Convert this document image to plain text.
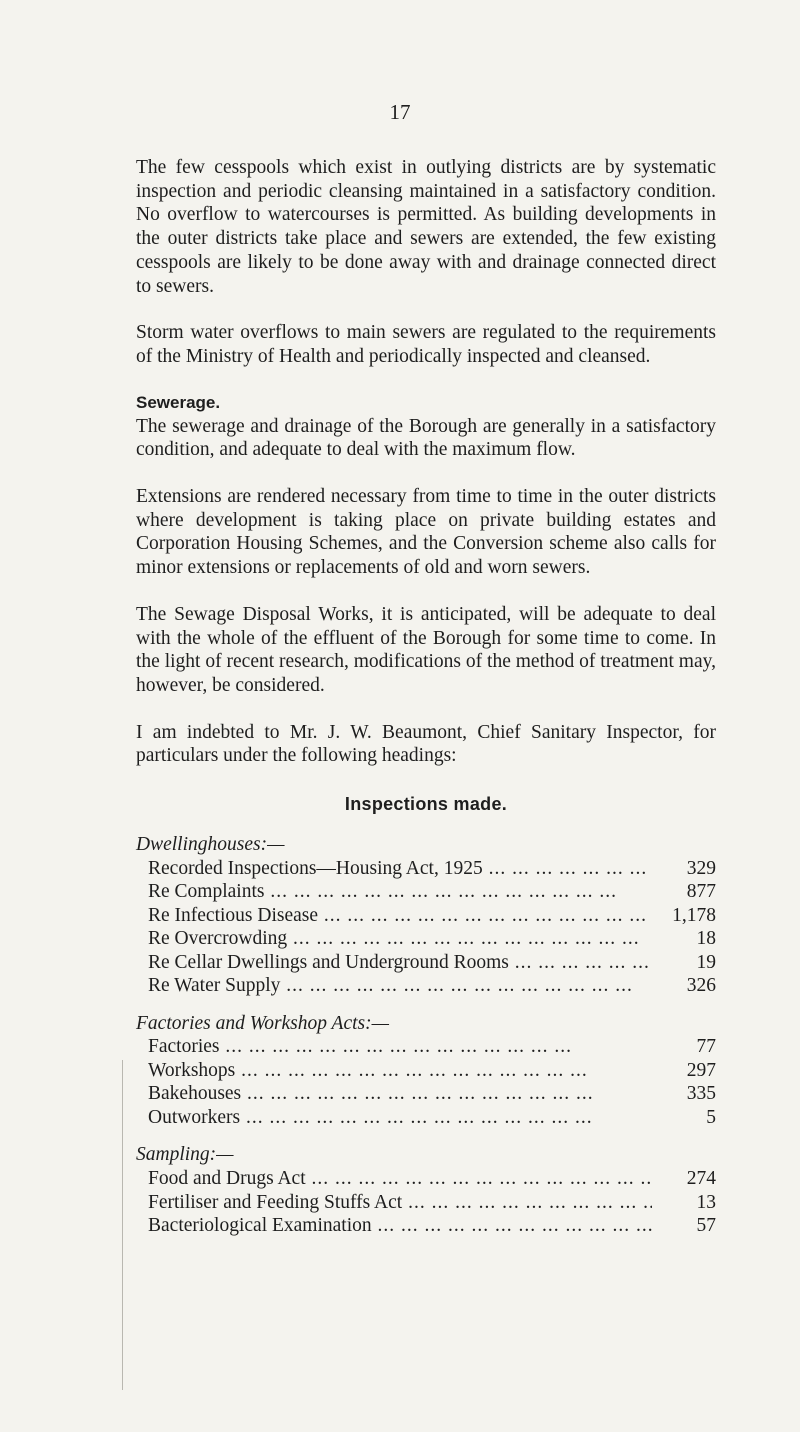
17

The few cesspools which exist in outlying districts are by systematic inspection and periodic cleansing maintained in a satisfactory condition. No overflow to watercourses is permitted. As building developments in the outer districts take place and sewers are extended, the few existing cesspools are likely to be done away with and drainage connected direct to sewers.

Storm water overflows to main sewers are regulated to the requirements of the Ministry of Health and periodically inspected and cleansed.

Sewerage.

The sewerage and drainage of the Borough are generally in a satisfactory condition, and adequate to deal with the maximum flow.

Extensions are rendered necessary from time to time in the outer districts where development is taking place on private building estates and Corporation Housing Schemes, and the Conversion scheme also calls for minor extensions or replacements of old and worn sewers.

The Sewage Disposal Works, it is anticipated, will be adequate to deal with the whole of the effluent of the Borough for some time to come. In the light of recent research, modifications of the method of treatment may, however, be considered.

I am indebted to Mr. J. W. Beaumont, Chief Sanitary Inspector, for particulars under the following headings:

Inspections made.
Dwellinghouses:—
Recorded Inspections—Housing Act, 1925 ... .	329
Re Complaints ... .	877
Re Infectious Disease ... .	1,178
Re Overcrowding ... .	18
Re Cellar Dwellings and Underground Rooms ... .	19
Re Water Supply ... .	326
Factories and Workshop Acts:—
Factories ... .	77
Workshops ... .	297
Bakehouses ... .	335
Outworkers ... .	5
Sampling:—
Food and Drugs Act ... .	274
Fertiliser and Feeding Stuffs Act ... .	13
Bacteriological Examination ... .	57
